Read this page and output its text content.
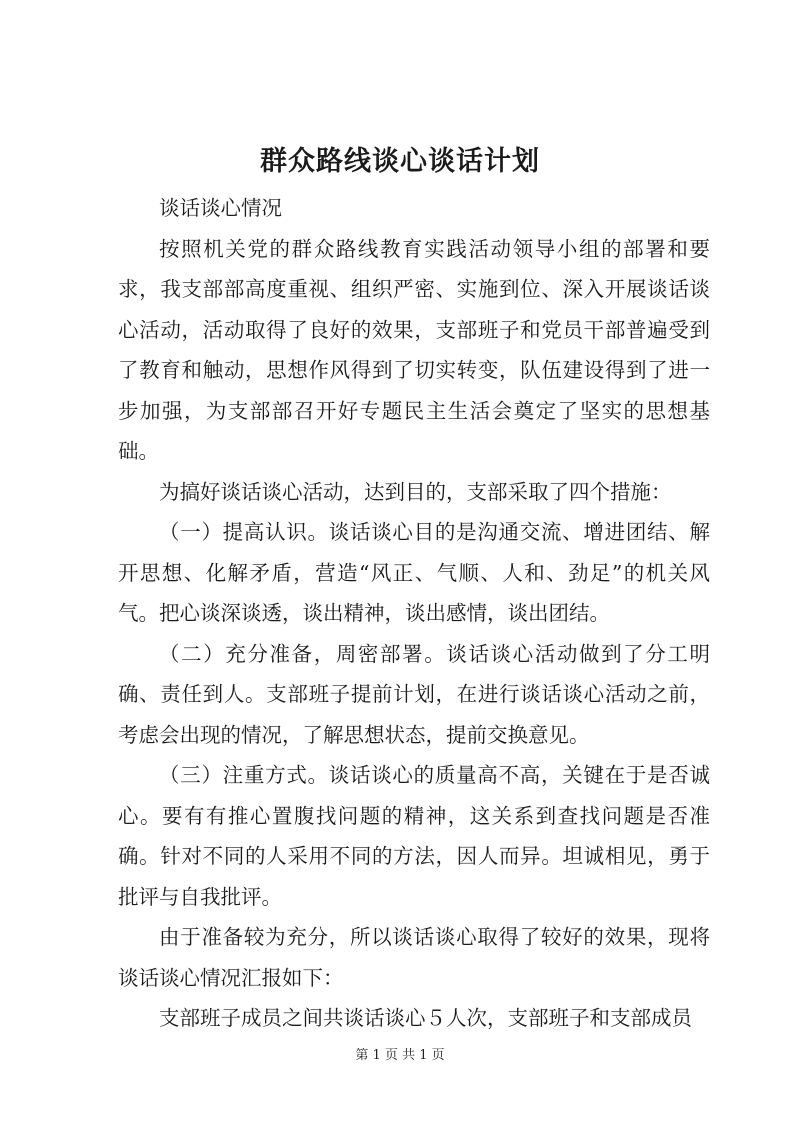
群众路线谈心谈话计划

谈话谈心情况

按照机关党的群众路线教育实践活动领导小组的部署和要求，我支部部高度重视、组织严密、实施到位、深入开展谈话谈心活动，活动取得了良好的效果，支部班子和党员干部普遍受到了教育和触动，思想作风得到了切实转变，队伍建设得到了进一步加强，为支部部召开好专题民主生活会奠定了坚实的思想基础。

为搞好谈话谈心活动，达到目的，支部采取了四个措施：

（一）提高认识。谈话谈心目的是沟通交流、增进团结、解开思想、化解矛盾，营造“风正、气顺、人和、劲足”的机关风气。把心谈深谈透，谈出精神，谈出感情，谈出团结。

（二）充分准备，周密部署。谈话谈心活动做到了分工明确、责任到人。支部班子提前计划，在进行谈话谈心活动之前，考虑会出现的情况，了解思想状态，提前交换意见。

（三）注重方式。谈话谈心的质量高不高，关键在于是否诚心。要有有推心置腹找问题的精神，这关系到查找问题是否准确。针对不同的人采用不同的方法，因人而异。坦诚相见，勇于批评与自我批评。

由于准备较为充分，所以谈话谈心取得了较好的效果，现将谈话谈心情况汇报如下：

支部班子成员之间共谈话谈心５人次，支部班子和支部成员

第 1 页 共 1 页
